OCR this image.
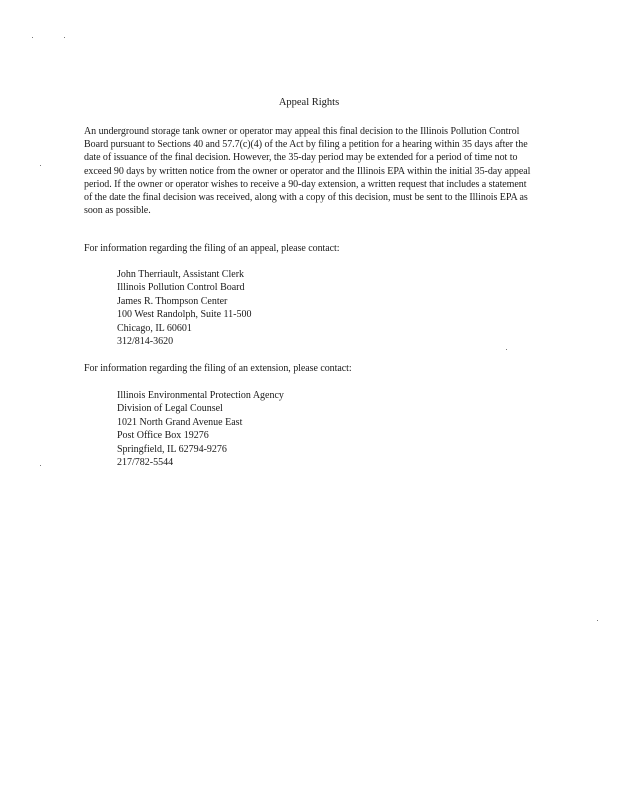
Appeal Rights
An underground storage tank owner or operator may appeal this final decision to the Illinois Pollution Control Board pursuant to Sections 40 and 57.7(c)(4) of the Act by filing a petition for a hearing within 35 days after the date of issuance of the final decision. However, the 35-day period may be extended for a period of time not to exceed 90 days by written notice from the owner or operator and the Illinois EPA within the initial 35-day appeal period. If the owner or operator wishes to receive a 90-day extension, a written request that includes a statement of the date the final decision was received, along with a copy of this decision, must be sent to the Illinois EPA as soon as possible.
For information regarding the filing of an appeal, please contact:
John Therriault, Assistant Clerk
Illinois Pollution Control Board
James R. Thompson Center
100 West Randolph, Suite 11-500
Chicago, IL 60601
312/814-3620
For information regarding the filing of an extension, please contact:
Illinois Environmental Protection Agency
Division of Legal Counsel
1021 North Grand Avenue East
Post Office Box 19276
Springfield, IL 62794-9276
217/782-5544
